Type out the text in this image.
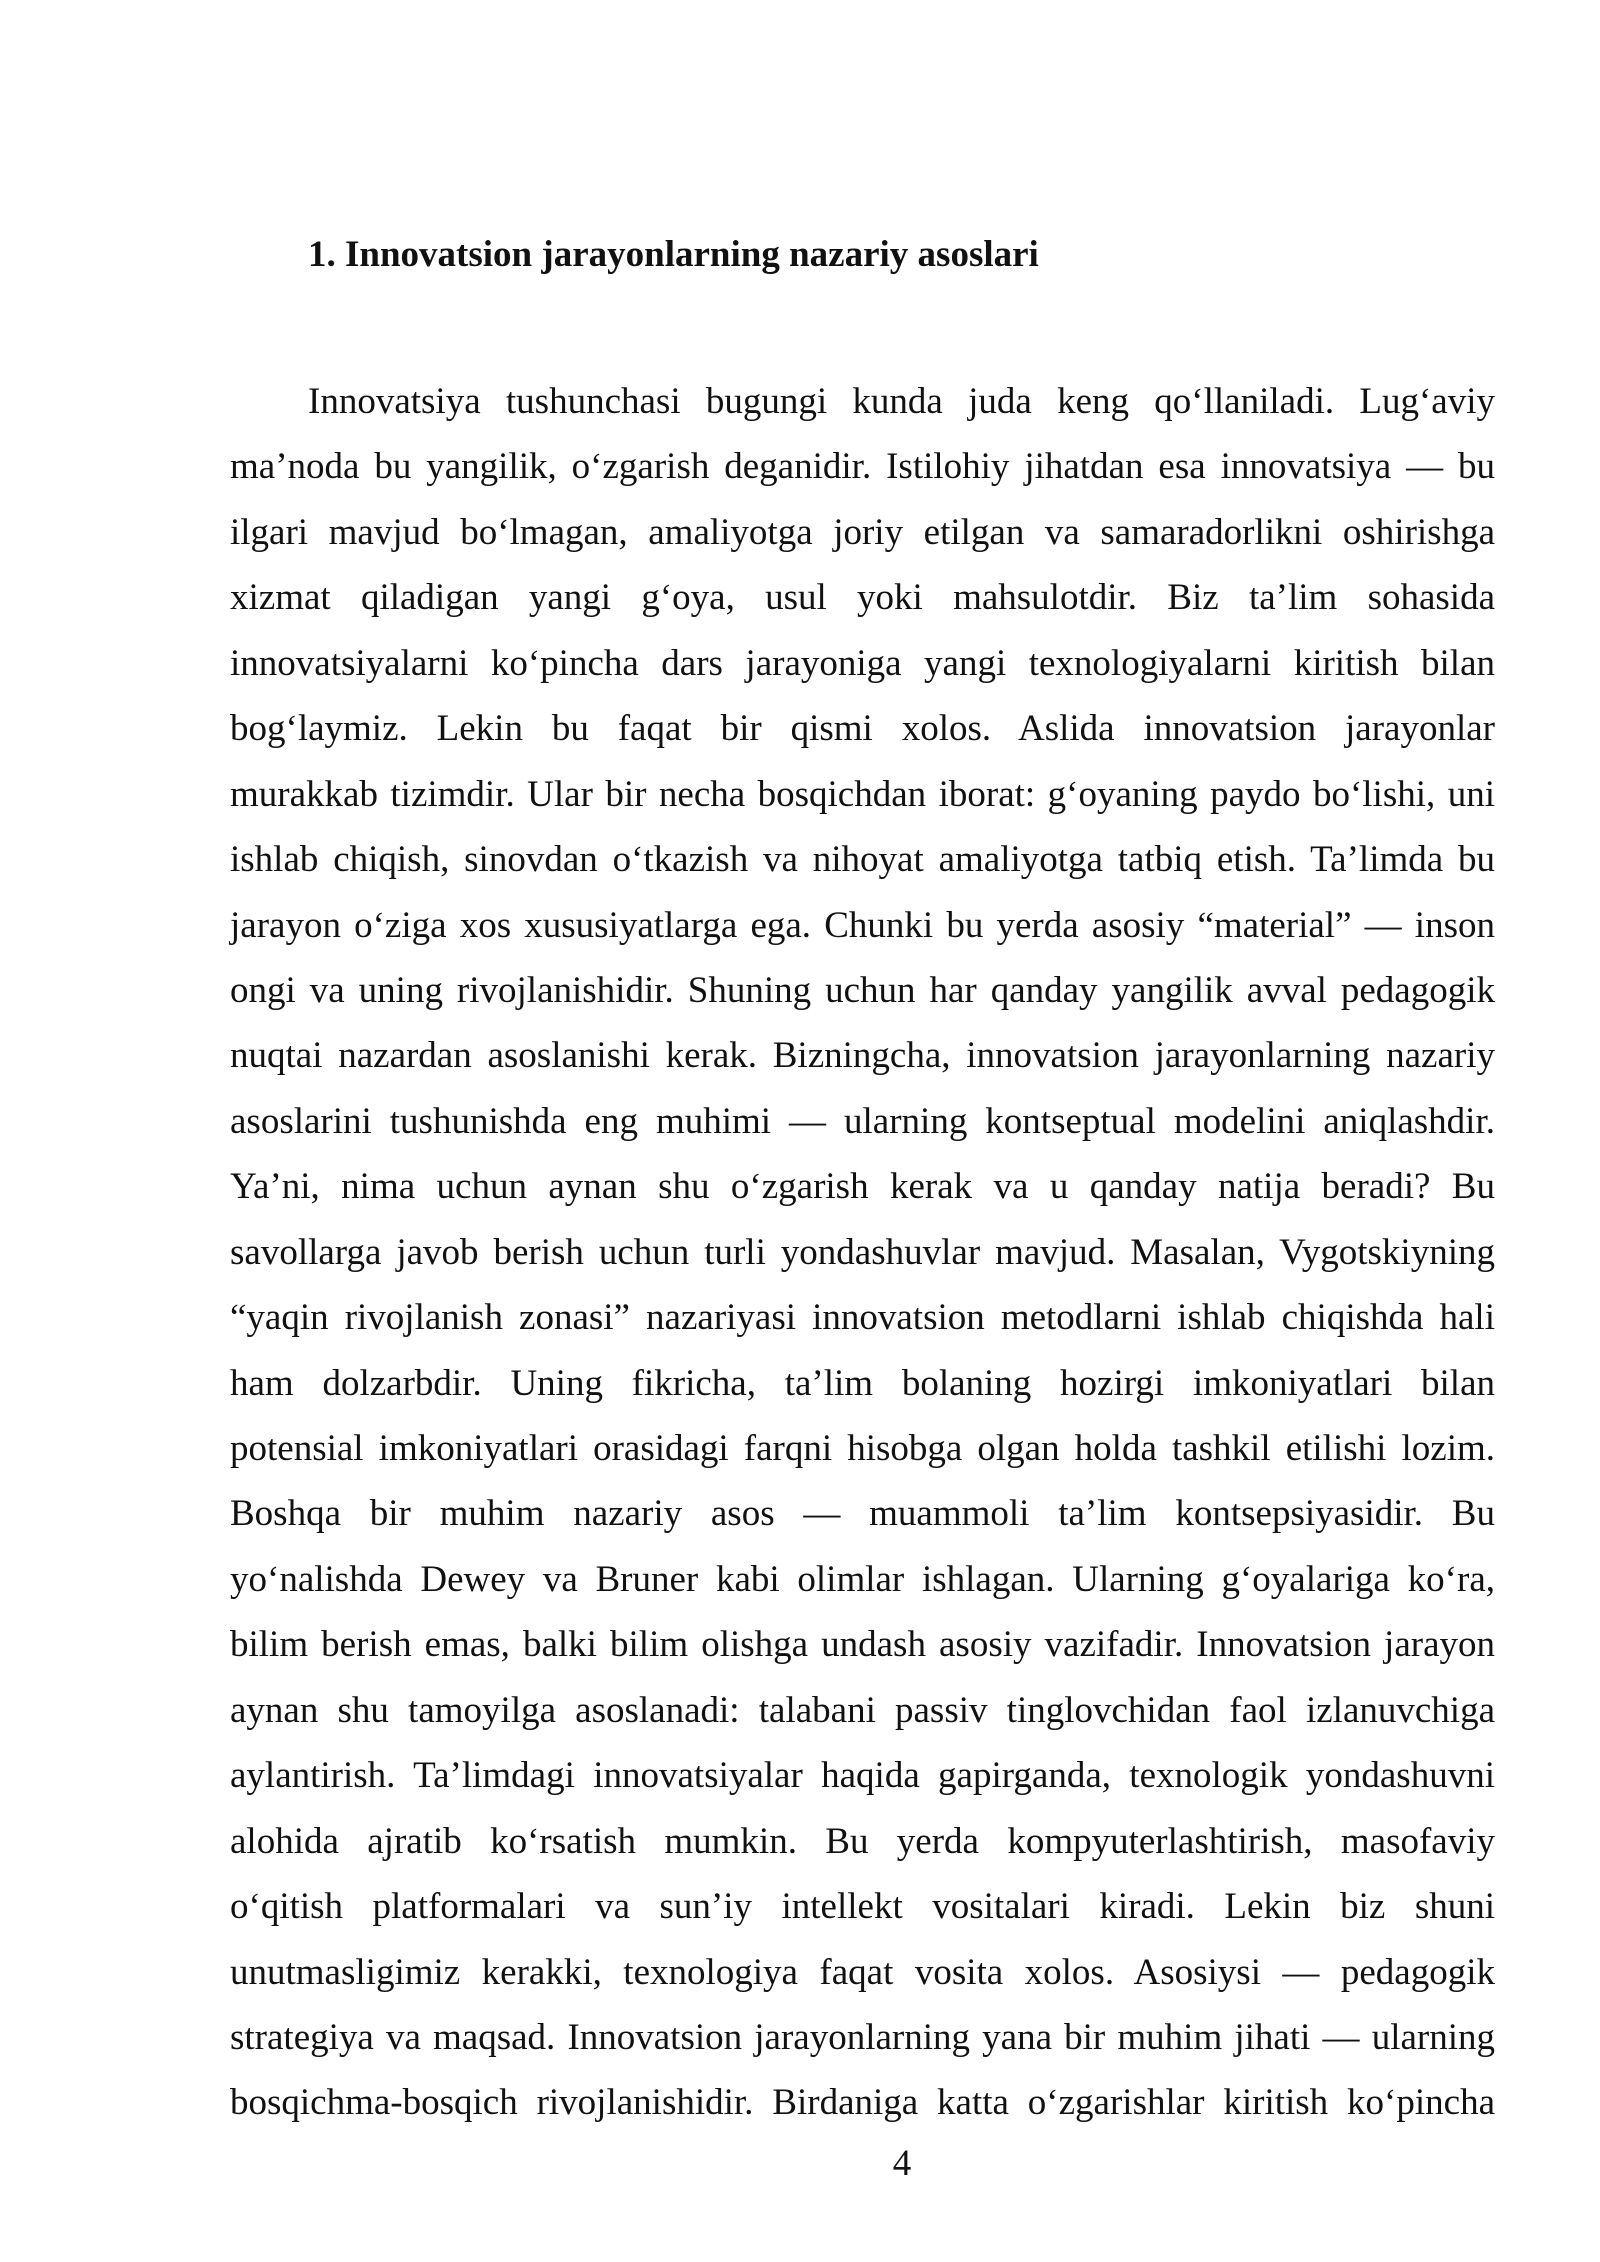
1. Innovatsion jarayonlarning nazariy asoslari
Innovatsiya tushunchasi bugungi kunda juda keng qo‘llaniladi. Lug‘aviy
ma’noda bu yangilik, o‘zgarish deganidir. Istilohiy jihatdan esa innovatsiya — bu
ilgari mavjud bo‘lmagan, amaliyotga joriy etilgan va samaradorlikni oshirishga
xizmat qiladigan yangi g‘oya, usul yoki mahsulotdir. Biz ta’lim sohasida
innovatsiyalarni ko‘pincha dars jarayoniga yangi texnologiyalarni kiritish bilan
bog‘laymiz. Lekin bu faqat bir qismi xolos. Aslida innovatsion jarayonlar
murakkab tizimdir. Ular bir necha bosqichdan iborat: g‘oyaning paydo bo‘lishi, uni
ishlab chiqish, sinovdan o‘tkazish va nihoyat amaliyotga tatbiq etish. Ta’limda bu
jarayon o‘ziga xos xususiyatlarga ega. Chunki bu yerda asosiy “material” — inson
ongi va uning rivojlanishidir. Shuning uchun har qanday yangilik avval pedagogik
nuqtai nazardan asoslanishi kerak. Bizningcha, innovatsion jarayonlarning nazariy
asoslarini tushunishda eng muhimi — ularning kontseptual modelini aniqlashdir.
Ya’ni, nima uchun aynan shu o‘zgarish kerak va u qanday natija beradi? Bu
savollarga javob berish uchun turli yondashuvlar mavjud. Masalan, Vygotskiyning
“yaqin rivojlanish zonasi” nazariyasi innovatsion metodlarni ishlab chiqishda hali
ham dolzarbdir. Uning fikricha, ta’lim bolaning hozirgi imkoniyatlari bilan
potensial imkoniyatlari orasidagi farqni hisobga olgan holda tashkil etilishi lozim.
Boshqa bir muhim nazariy asos — muammoli ta’lim kontsepsiyasidir. Bu
yo‘nalishda Dewey va Bruner kabi olimlar ishlagan. Ularning g‘oyalariga ko‘ra,
bilim berish emas, balki bilim olishga undash asosiy vazifadir. Innovatsion jarayon
aynan shu tamoyilga asoslanadi: talabani passiv tinglovchidan faol izlanuvchiga
aylantirish. Ta’limdagi innovatsiyalar haqida gapirganda, texnologik yondashuvni
alohida ajratib ko‘rsatish mumkin. Bu yerda kompyuterlashtirish, masofaviy
o‘qitish platformalari va sun’iy intellekt vositalari kiradi. Lekin biz shuni
unutmasligimiz kerakki, texnologiya faqat vosita xolos. Asosiysi — pedagogik
strategiya va maqsad. Innovatsion jarayonlarning yana bir muhim jihati — ularning
bosqichma-bosqich rivojlanishidir. Birdaniga katta o‘zgarishlar kiritish ko‘pincha
4
